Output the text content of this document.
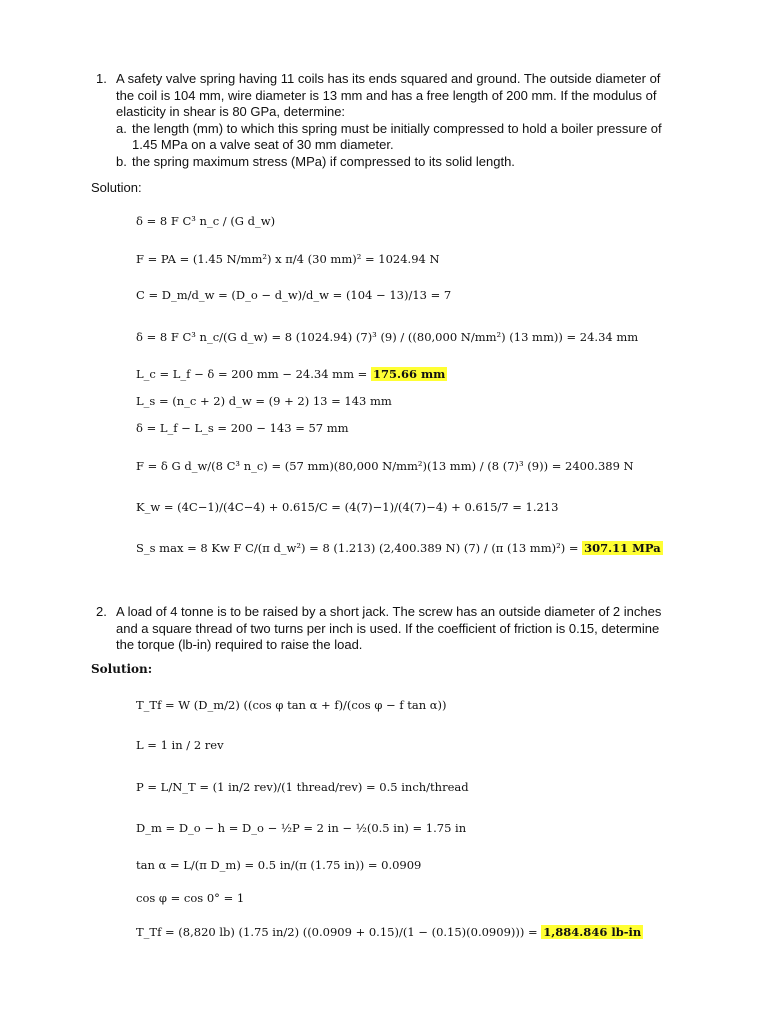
1. A safety valve spring having 11 coils has its ends squared and ground. The outside diameter of the coil is 104 mm, wire diameter is 13 mm and has a free length of 200 mm. If the modulus of elasticity in shear is 80 GPa, determine:
a. the length (mm) to which this spring must be initially compressed to hold a boiler pressure of 1.45 MPa on a valve seat of 30 mm diameter.
b. the spring maximum stress (MPa) if compressed to its solid length.
Solution:
δ = 8 F C³ n_c / (G d_w)
F = PA = (1.45 N/mm²) x π/4 (30 mm)² = 1024.94 N
C = D_m/d_w = (D_o − d_w)/d_w = (104 − 13)/13 = 7
δ = 8 F C³ n_c/(G d_w) = 8 (1024.94) (7)³ (9) / ((80,000 N/mm²) (13 mm)) = 24.34 mm
L_c = L_f − δ = 200 mm − 24.34 mm = 175.66 mm
L_s = (n_c + 2) d_w = (9 + 2) 13 = 143 mm
δ = L_f − L_s = 200 − 143 = 57 mm
F = δ G d_w/(8 C³ n_c) = (57 mm)(80,000 N/mm²)(13 mm) / (8 (7)³ (9)) = 2400.389 N
K_w = (4C−1)/(4C−4) + 0.615/C = (4(7)−1)/(4(7)−4) + 0.615/7 = 1.213
S_s max = 8 Kw F C/(π d_w²) = 8 (1.213) (2,400.389 N) (7) / (π (13 mm)²) = 307.11 MPa
2. A load of 4 tonne is to be raised by a short jack. The screw has an outside diameter of 2 inches and a square thread of two turns per inch is used. If the coefficient of friction is 0.15, determine the torque (lb-in) required to raise the load.
Solution:
T_Tf = W (D_m/2) ((cos φ tan α + f)/(cos φ − f tan α))
L = 1 in / 2 rev
P = L/N_T = (1 in/2 rev)/(1 thread/rev) = 0.5 inch/thread
D_m = D_o − h = D_o − ½P = 2 in − ½(0.5 in) = 1.75 in
tan α = L/(π D_m) = 0.5 in/(π (1.75 in)) = 0.0909
cos φ = cos 0° = 1
T_Tf = (8,820 lb) (1.75 in/2) ((0.0909 + 0.15)/(1 − (0.15)(0.0909))) = 1,884.846 lb-in
